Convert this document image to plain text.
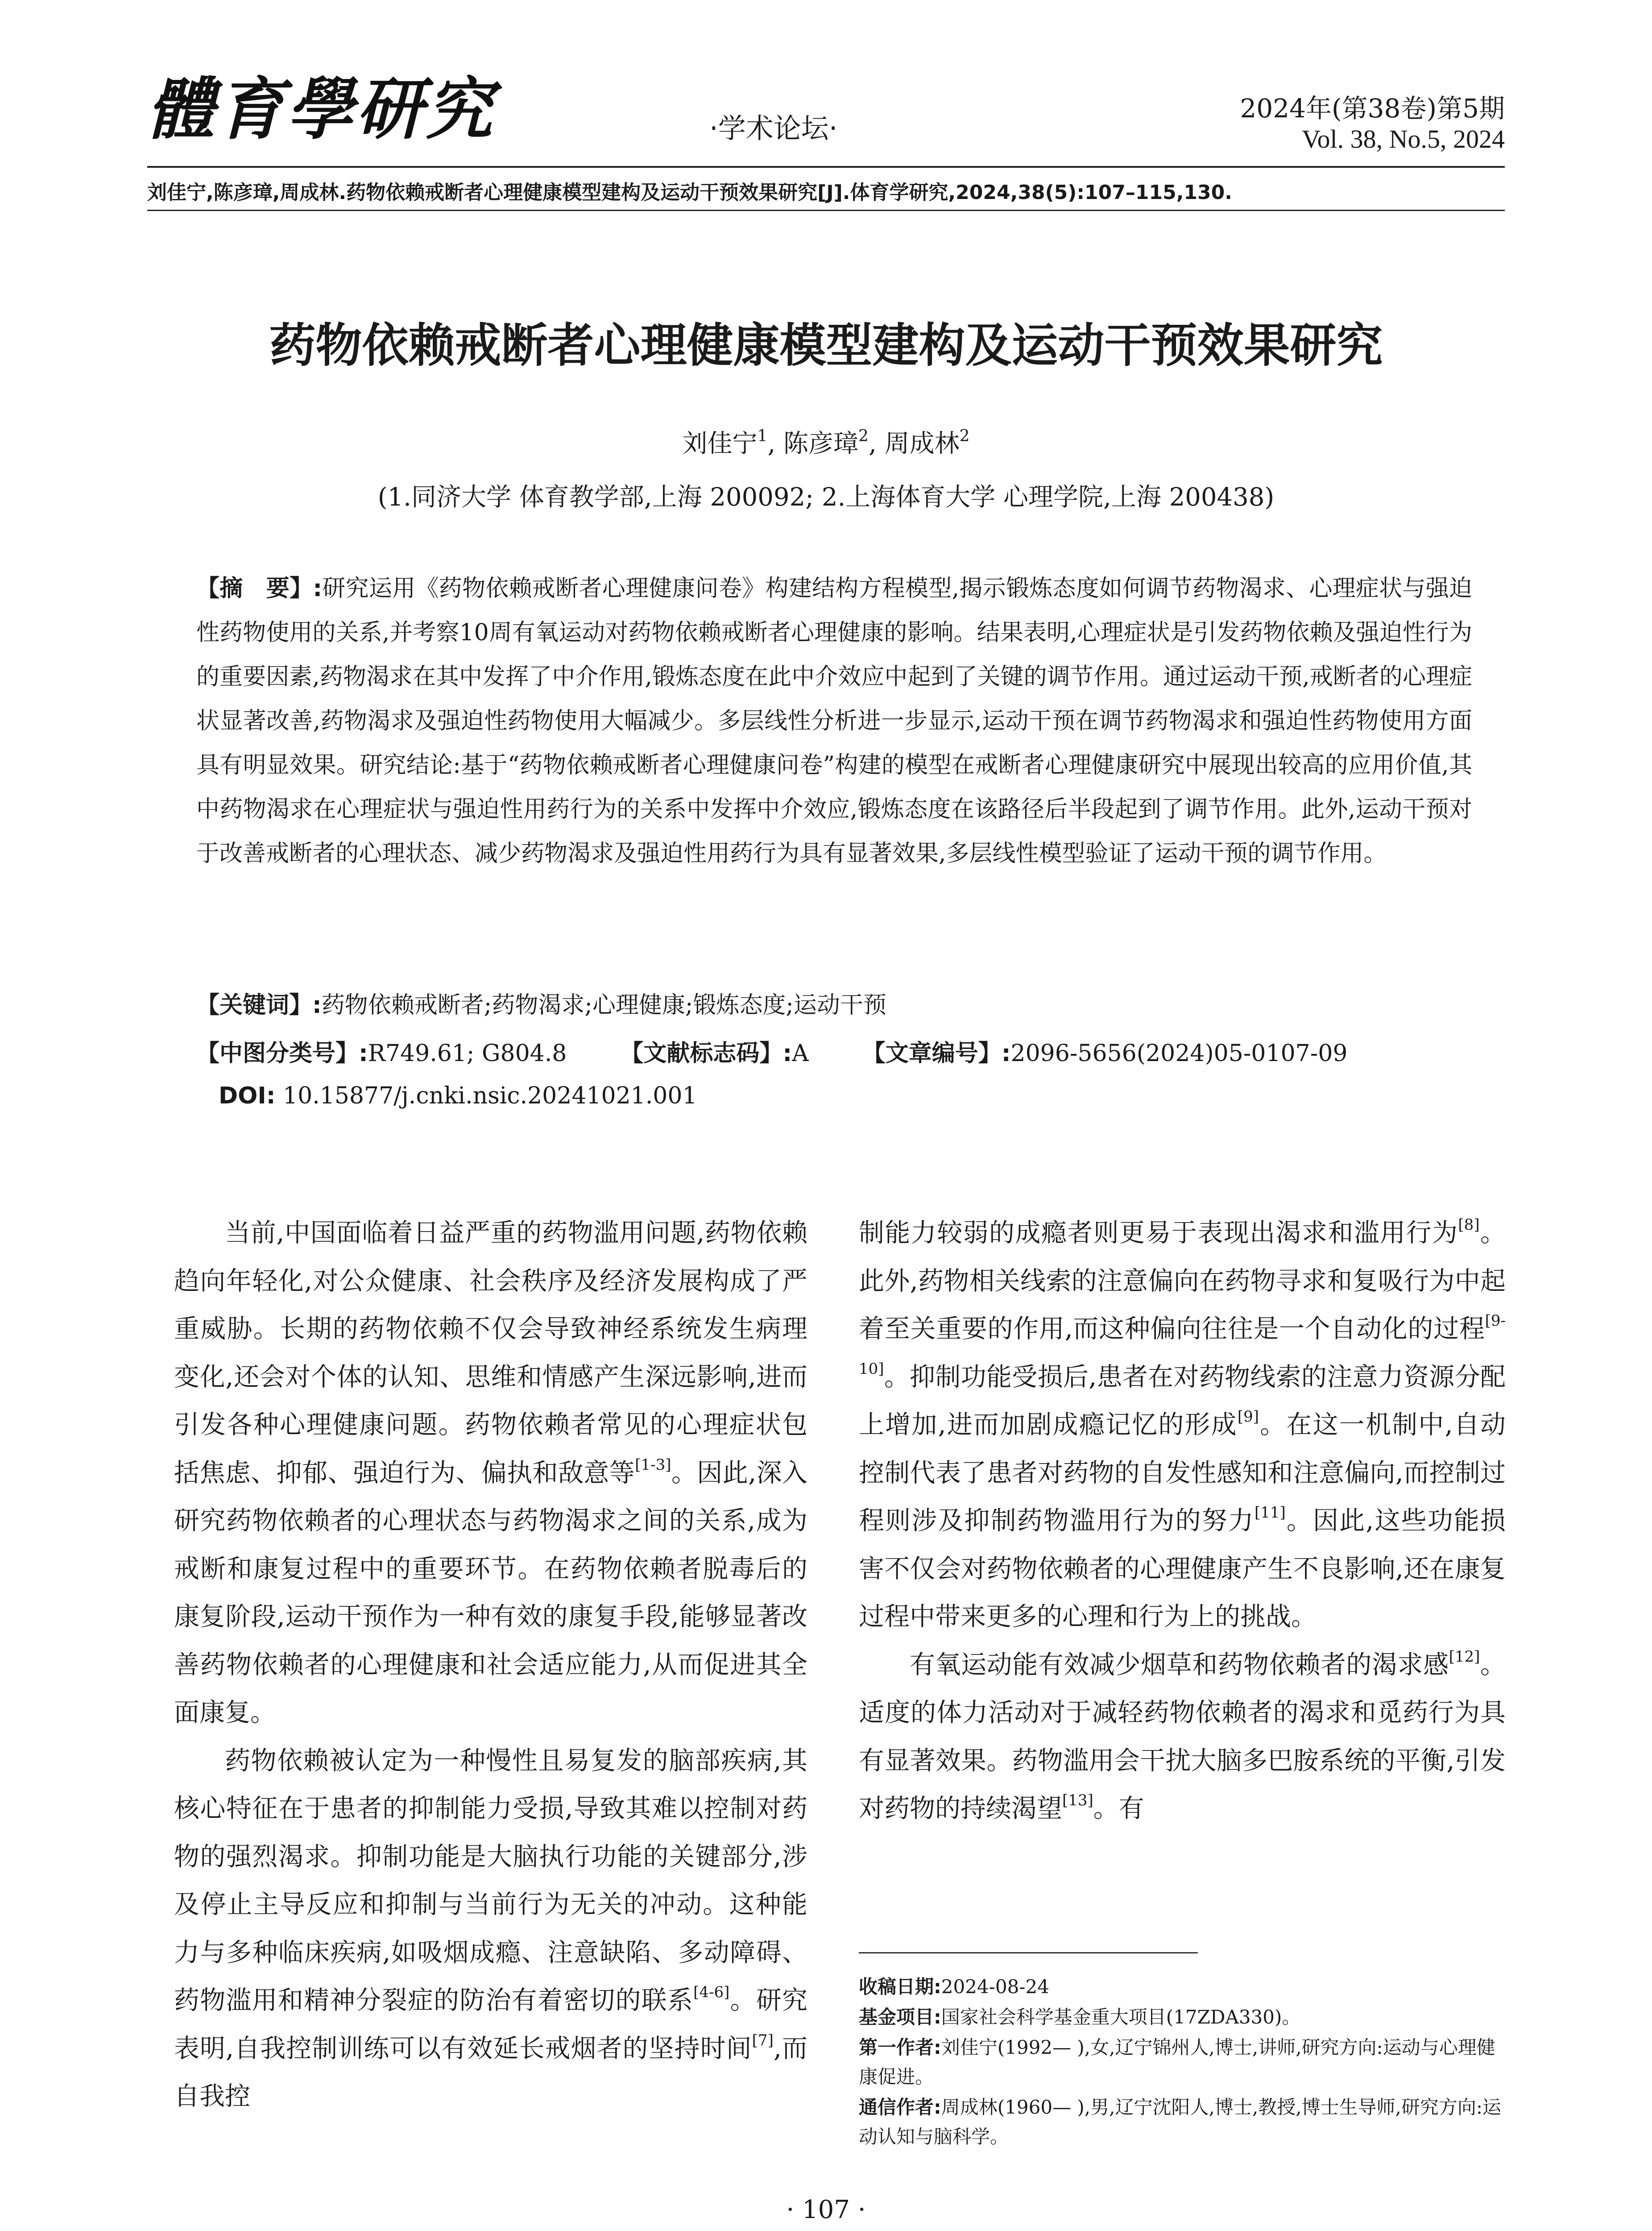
體育學研究	·学术论坛·
2024年(第38卷)第5期
Vol. 38, No.5, 2024
刘佳宁,陈彦璋,周成林.药物依赖戒断者心理健康模型建构及运动干预效果研究[J].体育学研究,2024,38(5):107–115,130.
药物依赖戒断者心理健康模型建构及运动干预效果研究
刘佳宁$^1$, 陈彦璋$^2$, 周成林$^2$
(1.同济大学 体育教学部,上海 200092; 2.上海体育大学 心理学院,上海 200438)
【摘　要】:研究运用《药物依赖戒断者心理健康问卷》构建结构方程模型,揭示锻炼态度如何调节药物渴求、心理症状与强迫性药物使用的关系,并考察10周有氧运动对药物依赖戒断者心理健康的影响。结果表明,心理症状是引发药物依赖及强迫性行为的重要因素,药物渴求在其中发挥了中介作用,锻炼态度在此中介效应中起到了关键的调节作用。通过运动干预,戒断者的心理症状显著改善,药物渴求及强迫性药物使用大幅减少。多层线性分析进一步显示,运动干预在调节药物渴求和强迫性药物使用方面具有明显效果。研究结论:基于“药物依赖戒断者心理健康问卷”构建的模型在戒断者心理健康研究中展现出较高的应用价值,其中药物渴求在心理症状与强迫性用药行为的关系中发挥中介效应,锻炼态度在该路径后半段起到了调节作用。此外,运动干预对于改善戒断者的心理状态、减少药物渴求及强迫性用药行为具有显著效果,多层线性模型验证了运动干预的调节作用。
【关键词】:药物依赖戒断者;药物渴求;心理健康;锻炼态度;运动干预
【中图分类号】:R749.61; G804.8 【文献标志码】:A 【文章编号】:2096-5656(2024)05-0107-09
DOI: 10.15877/j.cnki.nsic.20241021.001

当前,中国面临着日益严重的药物滥用问题,药物依赖趋向年轻化,对公众健康、社会秩序及经济发展构成了严重威胁。长期的药物依赖不仅会导致神经系统发生病理变化,还会对个体的认知、思维和情感产生深远影响,进而引发各种心理健康问题。药物依赖者常见的心理症状包括焦虑、抑郁、强迫行为、偏执和敌意等[1-3]。因此,深入研究药物依赖者的心理状态与药物渴求之间的关系,成为戒断和康复过程中的重要环节。在药物依赖者脱毒后的康复阶段,运动干预作为一种有效的康复手段,能够显著改善药物依赖者的心理健康和社会适应能力,从而促进其全面康复。

药物依赖被认定为一种慢性且易复发的脑部疾病,其核心特征在于患者的抑制能力受损,导致其难以控制对药物的强烈渴求。抑制功能是大脑执行功能的关键部分,涉及停止主导反应和抑制与当前行为无关的冲动。这种能力与多种临床疾病,如吸烟成瘾、注意缺陷、多动障碍、药物滥用和精神分裂症的防治有着密切的联系[4-6]。研究表明,自我控制训练可以有效延长戒烟者的坚持时间[7],而自我控

制能力较弱的成瘾者则更易于表现出渴求和滥用行为[8]。此外,药物相关线索的注意偏向在药物寻求和复吸行为中起着至关重要的作用,而这种偏向往往是一个自动化的过程[9-10]。抑制功能受损后,患者在对药物线索的注意力资源分配上增加,进而加剧成瘾记忆的形成[9]。在这一机制中,自动控制代表了患者对药物的自发性感知和注意偏向,而控制过程则涉及抑制药物滥用行为的努力[11]。因此,这些功能损害不仅会对药物依赖者的心理健康产生不良影响,还在康复过程中带来更多的心理和行为上的挑战。

有氧运动能有效减少烟草和药物依赖者的渴求感[12]。适度的体力活动对于减轻药物依赖者的渴求和觅药行为具有显著效果。药物滥用会干扰大脑多巴胺系统的平衡,引发对药物的持续渴望[13]。有

收稿日期:2024-08-24
基金项目:国家社会科学基金重大项目(17ZDA330)。
第一作者:刘佳宁(1992— ),女,辽宁锦州人,博士,讲师,研究方向:运动与心理健康促进。
通信作者:周成林(1960— ),男,辽宁沈阳人,博士,教授,博士生导师,研究方向:运动认知与脑科学。
· 107 ·
